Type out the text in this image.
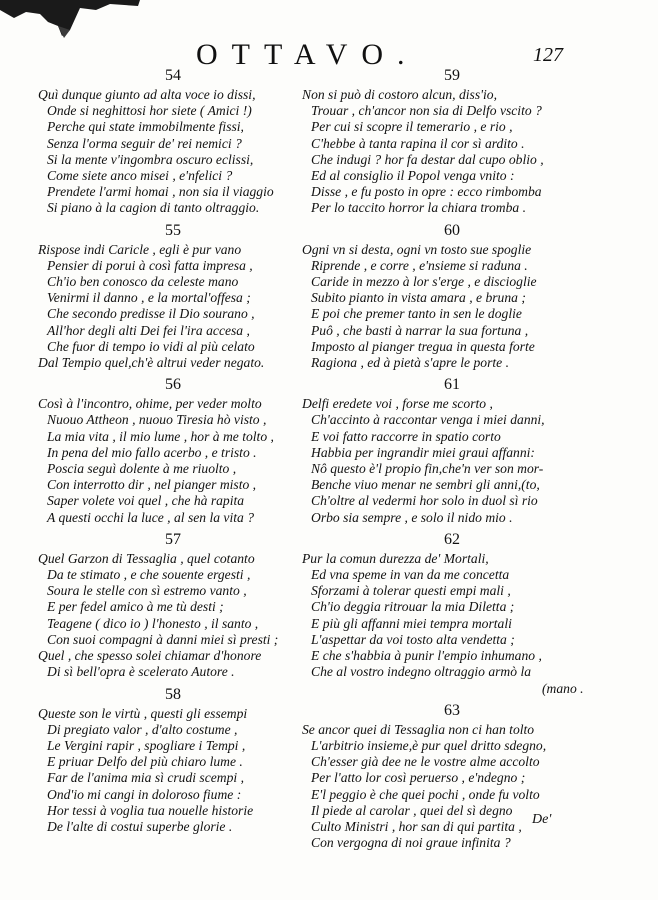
OTTAVO.	127
54
Quì dunque giunto ad alta voce io dissi,
Onde si neghittosi hor siete ( Amici !)
Perche qui state immobilmente fissi,
Senza l'orma seguir de' rei nemici ?
Si la mente v'ingombra oscuro eclissi,
Come siete anco misei , e'nfelici ?
Prendete l'armi homai , non sia il viaggio
Si piano à la cagion di tanto oltraggio.
55
Rispose indi Caricle , egli è pur vano
Pensier di porui à così fatta impresa ,
Ch'io ben conosco da celeste mano
Venirmi il danno , e la mortal'offesa ;
Che secondo predisse il Dio sourano ,
All'hor degli alti Dei fei l'ira accesa ,
Che fuor di tempo io vidi al più celato
Dal Tempio quel,ch'è altrui veder negato.
56
Così à l'incontro, ohime, per veder molto
Nuouo Attheon , nuouo Tiresia hò visto ,
La mia vita , il mio lume , hor à me tolto ,
In pena del mio fallo acerbo , e tristo .
Poscia seguì dolente à me riuolto ,
Con interrotto dir , nel pianger misto ,
Saper volete voi quel , che hà rapita
A questi occhi la luce , al sen la vita ?
57
Quel Garzon di Tessaglia , quel cotanto
Da te stimato , e che souente ergesti ,
Soura le stelle con sì estremo vanto ,
E per fedel amico à me tù desti ;
Teagene ( dico io ) l'honesto , il santo ,
Con suoi compagni à danni miei sì presti ;
Quel , che spesso solei chiamar d'honore
Di sì bell'opra è scelerato Autore .
58
Queste son le virtù , questi gli essempi
Di pregiato valor , d'alto costume ,
Le Vergini rapir , spogliare i Tempi ,
E priuar Delfo del più chiaro lume .
Far de l'anima mia sì crudi scempi ,
Ond'io mi cangi in doloroso fiume :
Hor tessi à voglia tua nouelle historie
De l'alte di costui superbe glorie .
59
Non si può di costoro alcun, diss'io,
Trouar , ch'ancor non sia di Delfo vscito ?
Per cui si scopre il temerario , e rio ,
C'hebbe à tanta rapina il cor sì ardito .
Che indugi ? hor fa destar dal cupo oblio ,
Ed al consiglio il Popol venga vnito :
Disse , e fu posto in opre : ecco rimbomba
Per lo taccito horror la chiara tromba .
60
Ogni vn si desta, ogni vn tosto sue spoglie
Riprende , e corre , e'nsieme si raduna .
Caride in mezzo à lor s'erge , e discioglie
Subito pianto in vista amara , e bruna ;
E poi che premer tanto in sen le doglie
Puô , che basti à narrar la sua fortuna ,
Imposto al pianger tregua in questa forte
Ragiona , ed à pietà s'apre le porte .
61
Delfi eredete voi , forse me scorto ,
Ch'accinto à raccontar venga i miei danni,
E voi fatto raccorre in spatio corto
Habbia per ingrandir miei graui affanni:
Nô questo è'l propio fin,che'n ver son mor-
Benche viuo menar ne sembri gli anni,(to,
Ch'oltre al vedermi hor solo in duol sì rio
Orbo sia sempre , e solo il nido mio .
62
Pur la comun durezza de' Mortali,
Ed vna speme in van da me concetta
Sforzami à tolerar questi empi mali ,
Ch'io deggia ritrouar la mia Diletta ;
E più gli affanni miei tempra mortali
L'aspettar da voi tosto alta vendetta ;
E che s'habbia à punir l'empio inhumano ,
Che al vostro indegno oltraggio armò la
(mano .
63
Se ancor quei di Tessaglia non ci han tolto
L'arbitrio insieme,è pur quel dritto sdegno,
Ch'esser già dee ne le vostre alme accolto
Per l'atto lor così peruerso , e'ndegno ;
E'l peggio è che quei pochi , onde fu volto
Il piede al carolar , quei del sì degno
Culto Ministri , hor san di qui partita ,
Con vergogna di noi graue infinita ?
De'
